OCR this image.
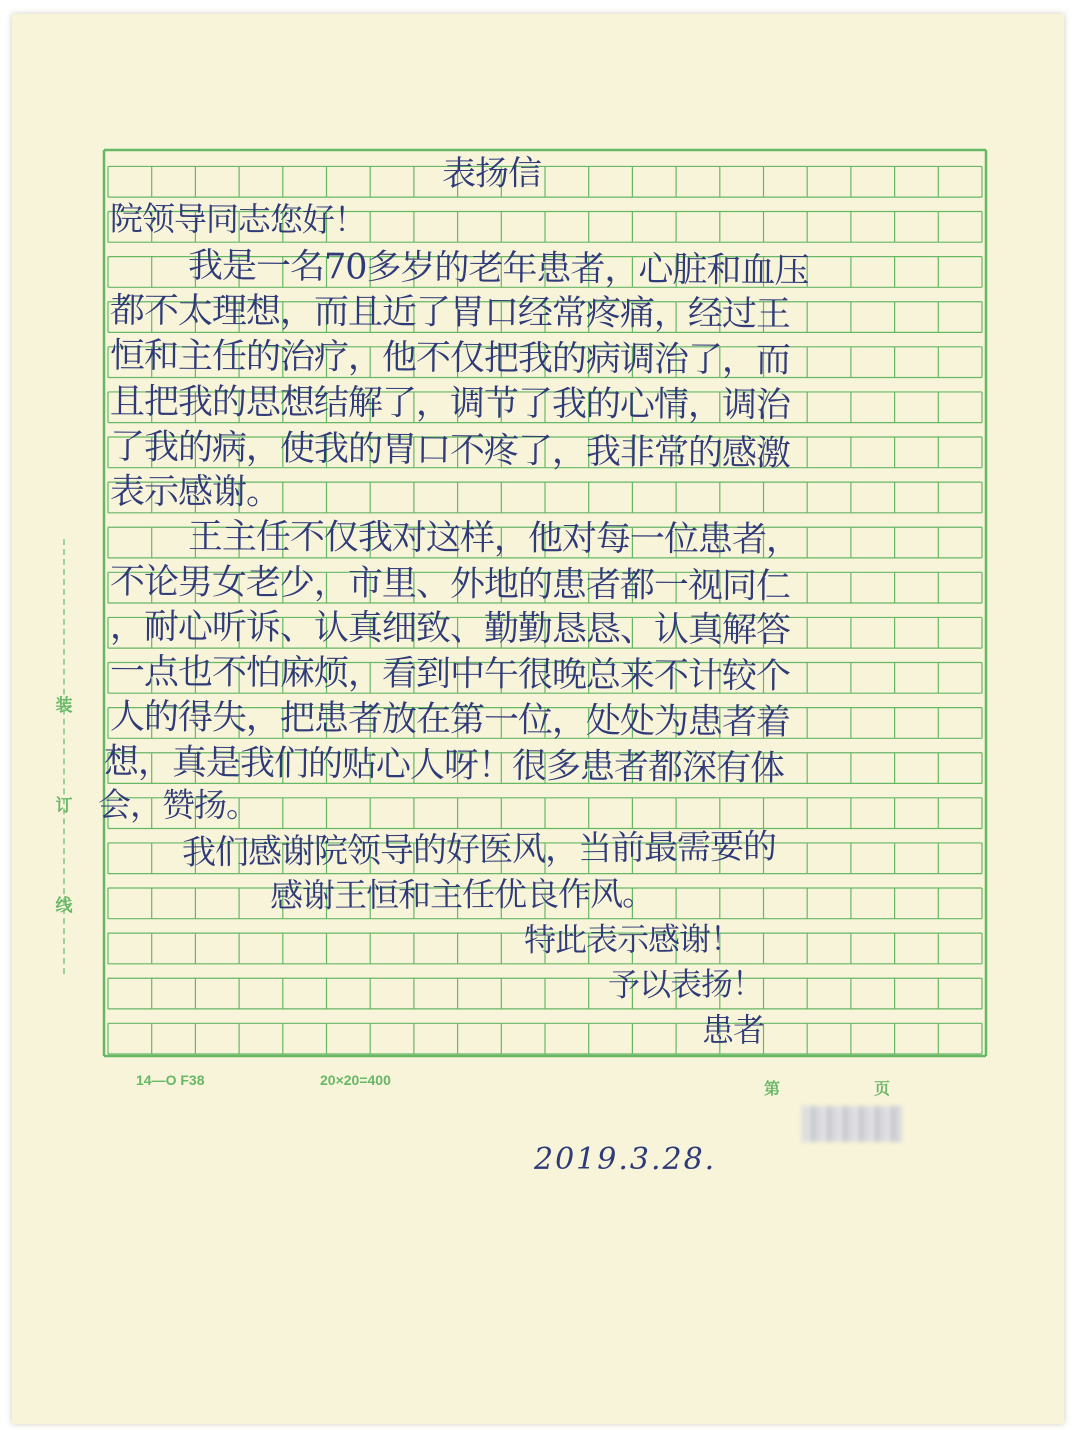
装
订
线
表扬信
院领导同志您好！
我是一名70多岁的老年患者，心脏和血压
都不太理想，而且近了胃口经常疼痛，经过王
恒和主任的治疗，他不仅把我的病调治了，而
且把我的思想结解了，调节了我的心情，调治
了我的病，使我的胃口不疼了，我非常的感激
表示感谢。
王主任不仅我对这样，他对每一位患者，
不论男女老少，市里、外地的患者都一视同仁
，耐心听诉、认真细致、勤勤恳恳、认真解答
一点也不怕麻烦，看到中午很晚总来不计较个
人的得失，把患者放在第一位，处处为患者着
想，真是我们的贴心人呀！很多患者都深有体
会，赞扬。
我们感谢院领导的好医风，当前最需要的
感谢王恒和主任优良作风。
特此表示感谢！
予以表扬！
患者
2019.3.28.
14—O F38	20×20=400
第	页
